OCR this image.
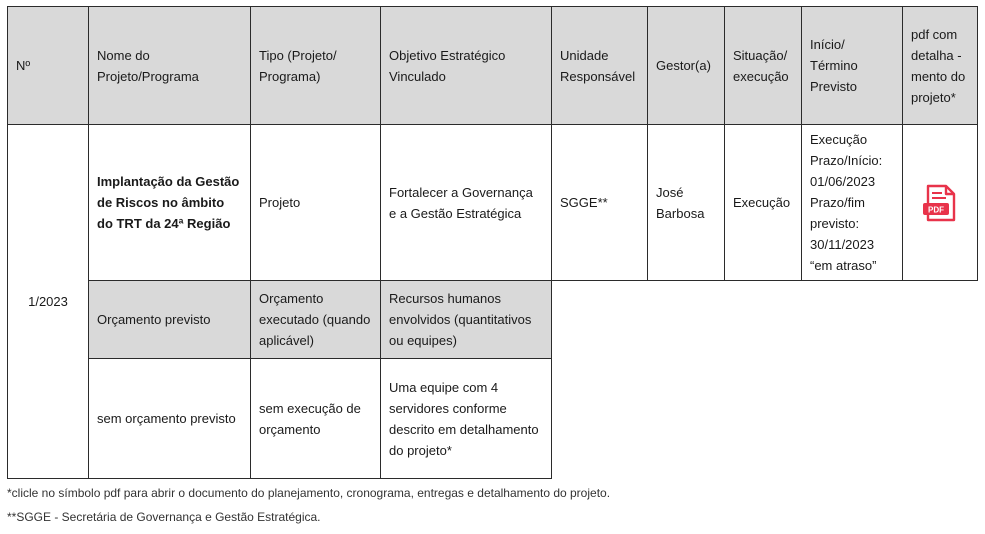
Nº	Nome do Projeto/Programa	Tipo (Projeto/ Programa)	Objetivo Estratégico Vinculado	Unidade Responsável	Gestor(a)	Situação/ execução	Início/ Término Previsto	pdf com detalha -mento do projeto*
1/2023	Implantação da Gestão de Riscos no âmbito do TRT da 24ª Região	Projeto	Fortalecer a Governança e a Gestão Estratégica	SGGE**	José Barbosa	Execução	Execução Prazo/Início: 01/06/2023 Prazo/fim previsto: 30/11/2023 “em atraso”	PDF

	Orçamento previsto	Orçamento executado (quando aplicável)	Recursos humanos envolvidos (quantitativos ou equipes)					
	sem orçamento previsto	sem execução de orçamento	Uma equipe com 4 servidores conforme descrito em detalhamento do projeto*					
*clicle no símbolo pdf para abrir o documento do planejamento, cronograma, entregas e detalhamento do projeto.
**SGGE - Secretária de Governança e Gestão Estratégica.
